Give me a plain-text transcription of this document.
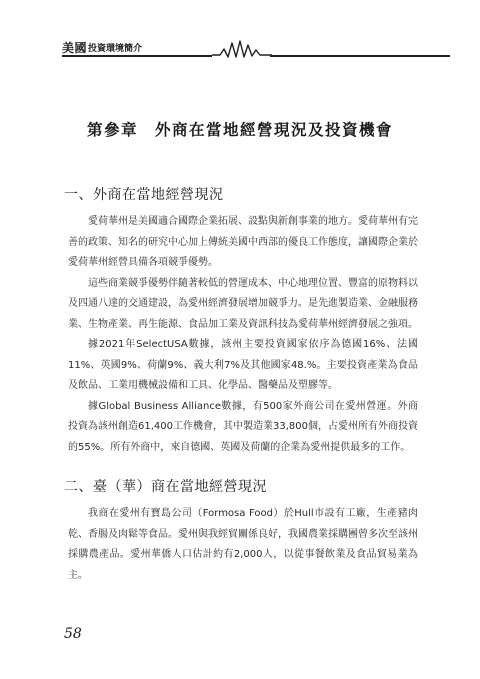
美國 投資環境簡介
第參章　外商在當地經營現況及投資機會
一、外商在當地經營現況

愛荷華州是美國適合國際企業拓展、設點與新創事業的地方。愛荷華州有完善的政策、知名的研究中心加上傳統美國中西部的優良工作態度，讓國際企業於愛荷華州經營具備各項競爭優勢。

這些商業競爭優勢伴隨著較低的營運成本、中心地理位置、豐富的原物料以及四通八達的交通建設，為愛州經濟發展增加競爭力。是先進製造業、金融服務業、生物產業、再生能源、食品加工業及資訊科技為愛荷華州經濟發展之強項。

據2021年SelectUSA數據，該州主要投資國家依序為德國16%、法國11%、英國9%、荷蘭9%、義大利7%及其他國家48.%。主要投資產業為食品及飲品、工業用機械設備和工具、化學品、醫藥品及塑膠等。

據Global Business Alliance數據，有500家外商公司在愛州營運。外商投資為該州創造61,400工作機會，其中製造業33,800個，占愛州所有外商投資的55%。所有外商中，來自德國、英國及荷蘭的企業為愛州提供最多的工作。

二、臺（華）商在當地經營現況

我商在愛州有寶島公司（Formosa Food）於Hull市設有工廠，生產豬肉乾、香腸及肉鬆等食品。愛州與我經貿關係良好，我國農業採購團曾多次至該州採購農產品。愛州華僑人口估計約有2,000人，以從事餐飲業及食品貿易業為主。

58
